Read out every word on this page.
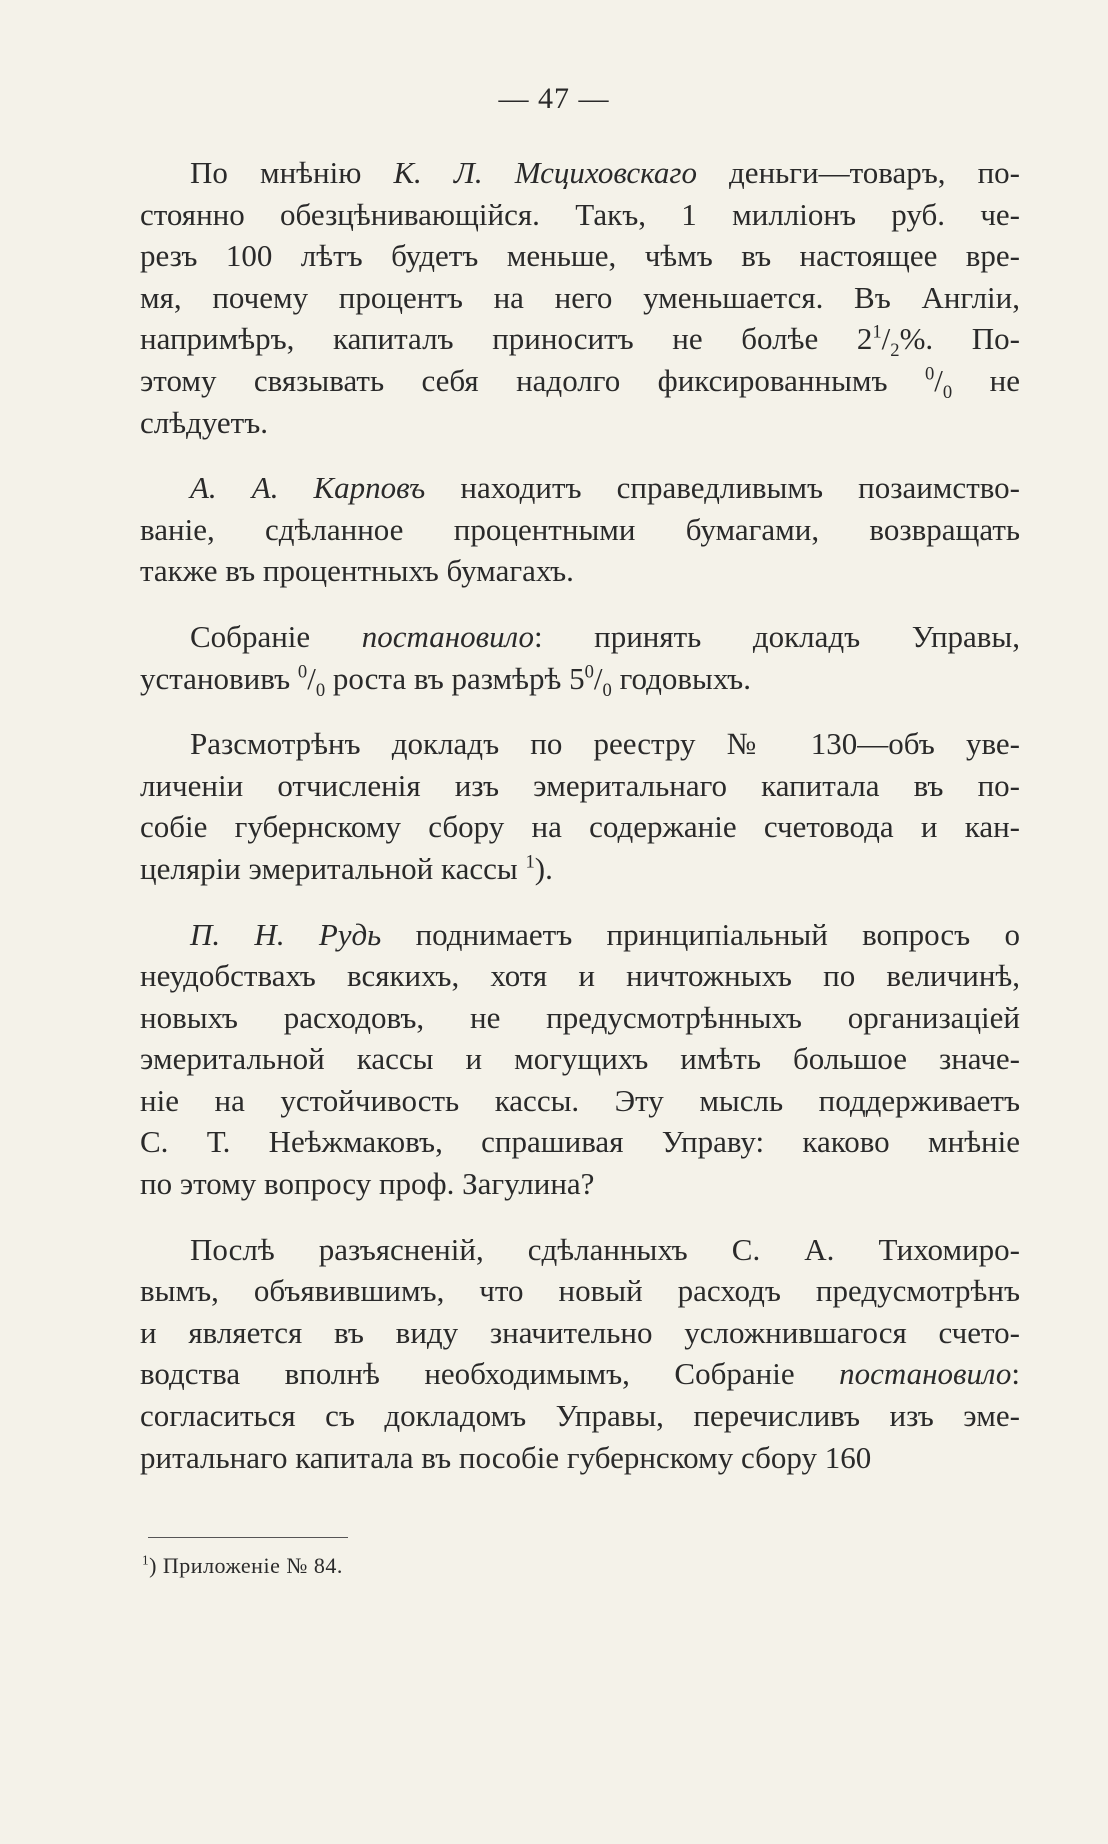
— 47 —
По мнѣнію К. Л. Мсциховскаго деньги—товаръ, по-
стоянно обезцѣнивающійся. Такъ, 1 милліонъ руб. че-
резъ 100 лѣтъ будетъ меньше, чѣмъ въ настоящее вре-
мя, почему процентъ на него уменьшается. Въ Англіи,
напримѣръ, капиталъ приноситъ не болѣе $2^1/_2\%$. По-
этому связывать себя надолго фиксированнымъ $^0/_0$ не
слѣдуетъ.
А. А. Карповъ находитъ справедливымъ позаимство-
ваніе, сдѣланное процентными бумагами, возвращать
также въ процентныхъ бумагахъ.
Собраніе постановило: принять докладъ Управы,
установивъ $^0/_0$ роста въ размѣрѣ $5^0/_0$ годовыхъ.
Разсмотрѣнъ докладъ по реестру № 130—объ уве-
личеніи отчисленія изъ эмеритальнаго капитала въ по-
собіе губернскому сбору на содержаніе счетовода и кан-
целяріи эмеритальной кассы $^1$).
П. Н. Рудь поднимаетъ принципіальный вопросъ о
неудобствахъ всякихъ, хотя и ничтожныхъ по величинѣ,
новыхъ расходовъ, не предусмотрѣнныхъ организаціей
эмеритальной кассы и могущихъ имѣть большое значе-
ніе на устойчивость кассы. Эту мысль поддерживаетъ
С. Т. Неѣжмаковъ, спрашивая Управу: каково мнѣніе
по этому вопросу проф. Загулина?
Послѣ разъясненій, сдѣланныхъ С. А. Тихомиро-
вымъ, объявившимъ, что новый расходъ предусмотрѣнъ
и является въ виду значительно усложнившагося счето-
водства вполнѣ необходимымъ, Собраніе постановило:
согласиться съ докладомъ Управы, перечисливъ изъ эме-
ритальнаго капитала въ пособіе губернскому сбору 160
$^1$) Приложеніе № 84.
